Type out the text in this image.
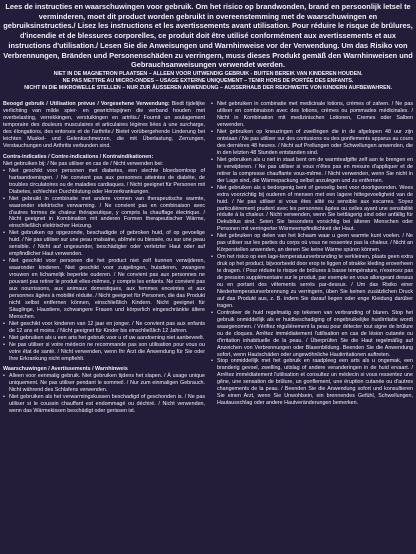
Lees de instructies en waarschuwingen voor gebruik. Om het risico op brandwonden, brand en persoonlijk letsel te verminderen, moet dit product worden gebruikt in overeenstemming met de waarschuwingen en gebruiksinstructies./ Lisez les instructions et les avertissements avant utilisation. Pour réduire le risque de brûlures, d'incendie et de blessures corporelles, ce produit doit être utilisé conformément aux avertissements et aux instructions d'utilisation./ Lesen Sie die Anweisungen und Warnhinweise vor der Verwendung. Um das Risiko von Verbrennungen, Bränden und Personenschäden zu verringern, muss dieses Produkt gemäß den Warnhinweisen und Gebrauchsanweisungen verwendet werden.

NIET IN DE MAGNETRON PLAATSEN – ALLEEN VOOR UITWENDIG GEBRUIK - BUITEN BEREIK VAN KINDEREN HOUDEN.
NE PAS METTRE AU MICRO-ONDES – USAGE EXTERNE UNIQUEMENT – TENIR HORS DE PORTÉE DES ENFANTS.
NICHT IN DIE MIKROWELLE STELLEN – NUR ZUR ÄUSSEREN ANWENDUNG – AUSSERHALB DER REICHWEITE VON KINDERN AUFBEWAHREN.

Beoogd gebruik / Utilisation prévue / Vorgesehene Verwendung: Biedt tijdelijke verlichting van milde spier- en gewrichtspijnen die verband houden met overbelasting, verrekkingen, verstuikingen en artritis./ Fournit un soulagement temporaire des douleurs musculaires et articulaires légères liées à une surcharge, des élongations, des entorses et de l'arthrite./ Bietet vorübergehende Linderung bei leichten Muskel- und Gelenkschmerzen, die mit Überlastung, Zerrungen, Verstauchungen und Arthritis verbunden sind.

Contra-indicaties / Contre-indications / Kontraindikationen:
Niet gebruiken bij: / Ne pas utiliser en cas de / Nicht verwenden bei:

• Niet geschikt voor personen met diabetes, een slechte bloedsomloop of hartaandoeningen. / Ne convient pas aux personnes atteintes de diabète, de troubles circulatoires ou de maladies cardiaques. / Nicht geeignet für Personen mit Diabetes, schlechter Durchblutung oder Herzerkrankungen.
• Niet gebruikt in combinatie met andere vormen van therapeutische warmte, waaronder elektrische verwarming. / Ne convient pas en combinaison avec d'autres formes de chaleur thérapeutique, y compris la chauffage électrique. / Nicht geeignet in Kombination mit anderen Formen therapeutischer Wärme, einschließlich elektrischer Heizung.
• Niet gebruiken op opgezonde, beschadigde of gebroken huid, of op gevoelige huid. / Ne pas utiliser sur une peau malsaine, abîmée ou blessée, ou sur une peau sensible. / Nicht auf ungesunder, beschädigter oder verletzter Haut oder auf empfindlicher Haut verwenden.
• Niet geschikt voor personen die het product niet zelf kunnen verwijderen, waaronder kinderen. Niet geschikt voor zuigelingen, huisdieren, zwangere vrouwen en lichamelijk beperkte ouderen. / Ne convient pas aux personnes ne pouvant pas retirer le produit elles-mêmes, y compris les enfants. Ne convient pas aux nourrissons, aux animaux domestiques, aux femmes enceintes et aux personnes âgées à mobilité réduite. / Nicht geeignet für Personen, die das Produkt nicht selbst entfernen können, einschließlich Kindern. Nicht geeignet für Säuglinge, Haustiere, schwangere Frauen und körperlich eingeschränkte ältere Menschen.
• Niet geschikt voor kinderen van 12 jaar en jonger. / Ne convient pas aux enfants de 12 ans et moins. / Nicht geeignet für Kinder bis einschließlich 12 Jahren.
• Niet gebruiken als u een arts het gebruik voor u of uw aandoening niet aanbeveelt.
• Ne pas utiliser si votre médecin ne recommande pas son utilisation pour vous ou votre état de santé. / Nicht verwenden, wenn Ihr Arzt die Anwendung für Sie oder Ihre Erkrankung nicht empfiehlt.

Waarschuwingen / Avertissements / Warnhinweis

• Alleen voor eenmalig gebruik. Niet gebruiken tijdens het slapen. / À usage unique uniquement. Ne pas utiliser pendant le sommeil. / Nur zum einmaligen Gebrauch. Nicht während des Schlafens verwenden.
• Niet gebruiken als het verwarmingskussen beschadigd of geschonden is. / Ne pas utiliser si le coussin chauffant est endommagé ou déchiré. / Nicht verwenden, wenn das Wärmekissen beschädigt oder gerissen ist.
• Niet gebruiken in combinatie met medicinale lotions, crèmes of zalven. / Ne pas utiliser en combinaison avec des lotions, crèmes ou pommades médicinales. / Nicht in Kombination mit medizinischen Lotionen, Cremes oder Salben verwenden.
• Niet gebruiken op kneuzingen of zwellingen die in de afgelopen 48 uur zijn ontstaan / Ne pas utiliser sur des contusions ou des gonflements apparus au cours des dernières 48 heures. / Nicht auf Prellungen oder Schwellungen anwenden, die in den letzten 48 Stunden entstanden sind.
• Niet gebruiken als u niet in staat bent om de warmteafgifte zelf aan te brengen en te verwijderen. / Ne pas utiliser si vous n'êtes pas en mesure d'appliquer et de retirer la compresse chauffante vous-même. / Nicht verwenden, wenn Sie nicht in der Lage sind, die Wärmepackung selbst anzulegen und zu entfernen.
• Niet gebruiken als u bedorgenig bent of gevoelig bent voor doorligwonden. Wees extra voorzichtig bij ouderen of mensen met een lagere hittegevoeligheid van de huid. / Ne pas utiliser si vous êtes alité ou sensible aux escarres. Soyez particulièrement prudent avec les personnes âgées ou celles ayant une sensibilité réduite à la chaleur. / Nicht verwenden, wenn Sie bettlägerig sind oder anfällig für Dekubitus sind. Seien Sie besonders vorsichtig bei älteren Menschen oder Personen mit verringerter Wärmeempfindlichkeit der Haut.
• Niet gebruiken op delen van het lichaam waar u geen warmte kunt voelen. / Ne pas utiliser sur les parties du corps où vous ne ressentez pas la chaleur. / Nicht an Körperstellen anwenden, an denen Sie keine Wärme spüren können.
• Om het risico op een lage-temperatuurverbranding te verkleinen, plaats geen extra druk op het product, bijvoorbeeld door erop te liggen of strakke kleding eroverheen te dragen. / Pour réduire le risque de brûlures à basse température, n'exercez pas de pression supplémentaire sur le produit, par exemple en vous allongeant dessus ou en portant des vêtements serrés par-dessus. / Um das Risiko einer Niedertemperaturverbrennung zu verringern, üben Sie keinen zusätzlichen Druck auf das Produkt aus, z. B. indem Sie darauf liegen oder enge Kleidung darüber tragen.
• Controleer de huid regelmatig op tekenen van verbranding of blaren. Stop het gebruik onmiddellijk als er huidbeschadiging of ongebruikelijke huidirritatie wordt waargenomen. / Vérifiez régulièrement la peau pour détecter tout signe de brûlure ou de cloques. Arrêtez immédiatement l'utilisation en cas de lésion cutanée ou d'irritation inhabituelle de la peau. / Überprüfen Sie die Haut regelmäßig auf Anzeichen von Verbrennungen oder Blasenbildung. Beenden Sie die Anwendung sofort, wenn Hautschäden oder ungewöhnliche Hautirritationen auftreten.
• Stop onmiddellijk met het gebruik en raadpleeg een arts als u ongemak, een branderig gevoel, zwelling, uitslag of andere veranderingen in de huid ervaart. / Arrêtez immédiatement l'utilisation et consultez un médecin si vous ressentez une gêne, une sensation de brûlure, un gonflement, une éruption cutanée ou d'autres changements de la peau. / Beenden Sie die Anwendung sofort und konsultieren Sie einen Arzt, wenn Sie Unwohlsein, ein brennendes Gefühl, Schwellungen, Hautausschlag oder andere Hautveränderungen bemerken.
